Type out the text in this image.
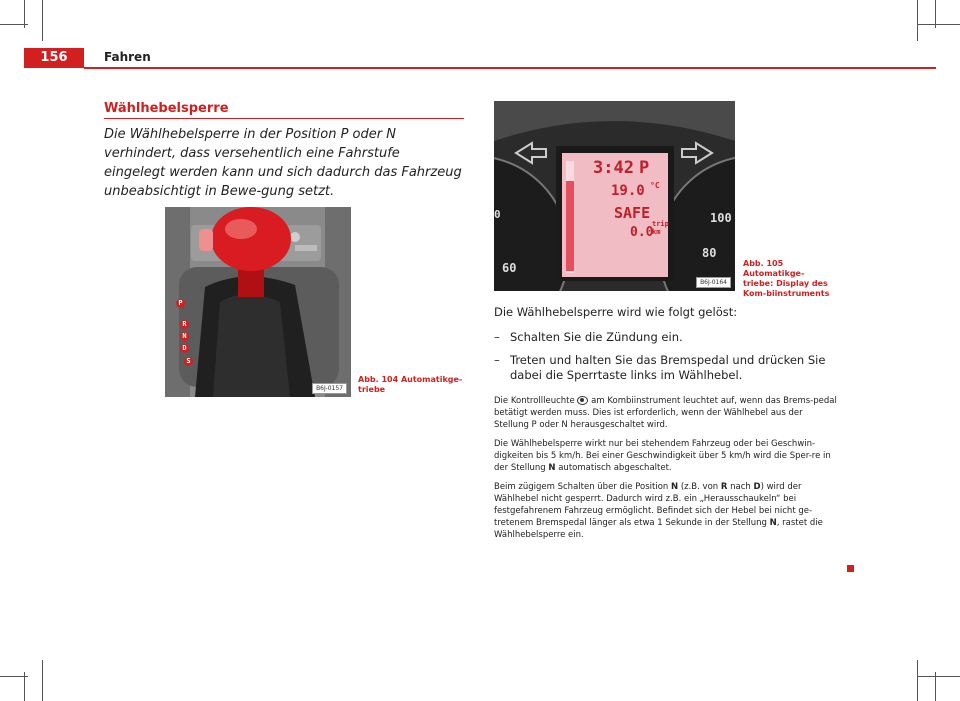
156	Fahren
Wählhebelsperre
Die Wählhebelsperre in der Position P oder N verhindert, dass versehentlich eine Fahrstufe eingelegt werden kann und sich dadurch das Fahrzeug unbeabsichtigt in Bewe-gung setzt.
P
R
N
D
S
B6J-0157
Abb. 104 Automatikge-triebe
3:42 P
19.0 °C
SAFE
0.0
trip
km
0
60
100
80
B6J-0164
Abb. 105 Automatikge-triebe: Display des Kom-biinstruments

Die Wählhebelsperre wird wie folgt gelöst:

– Schalten Sie die Zündung ein.
– Treten und halten Sie das Bremspedal und drücken Sie dabei die Sperrtaste links im Wählhebel.

Die Kontrollleuchte am Kombiinstrument leuchtet auf, wenn das Brems-pedal betätigt werden muss. Dies ist erforderlich, wenn der Wählhebel aus der Stellung P oder N herausgeschaltet wird.

Die Wählhebelsperre wirkt nur bei stehendem Fahrzeug oder bei Geschwin-digkeiten bis 5 km/h. Bei einer Geschwindigkeit über 5 km/h wird die Sper-re in der Stellung N automatisch abgeschaltet.

Beim zügigem Schalten über die Position N (z.B. von R nach D) wird der Wählhebel nicht gesperrt. Dadurch wird z.B. ein „Herausschaukeln“ bei festgefahrenem Fahrzeug ermöglicht. Befindet sich der Hebel bei nicht ge-tretenem Bremspedal länger als etwa 1 Sekunde in der Stellung N, rastet die Wählhebelsperre ein.
